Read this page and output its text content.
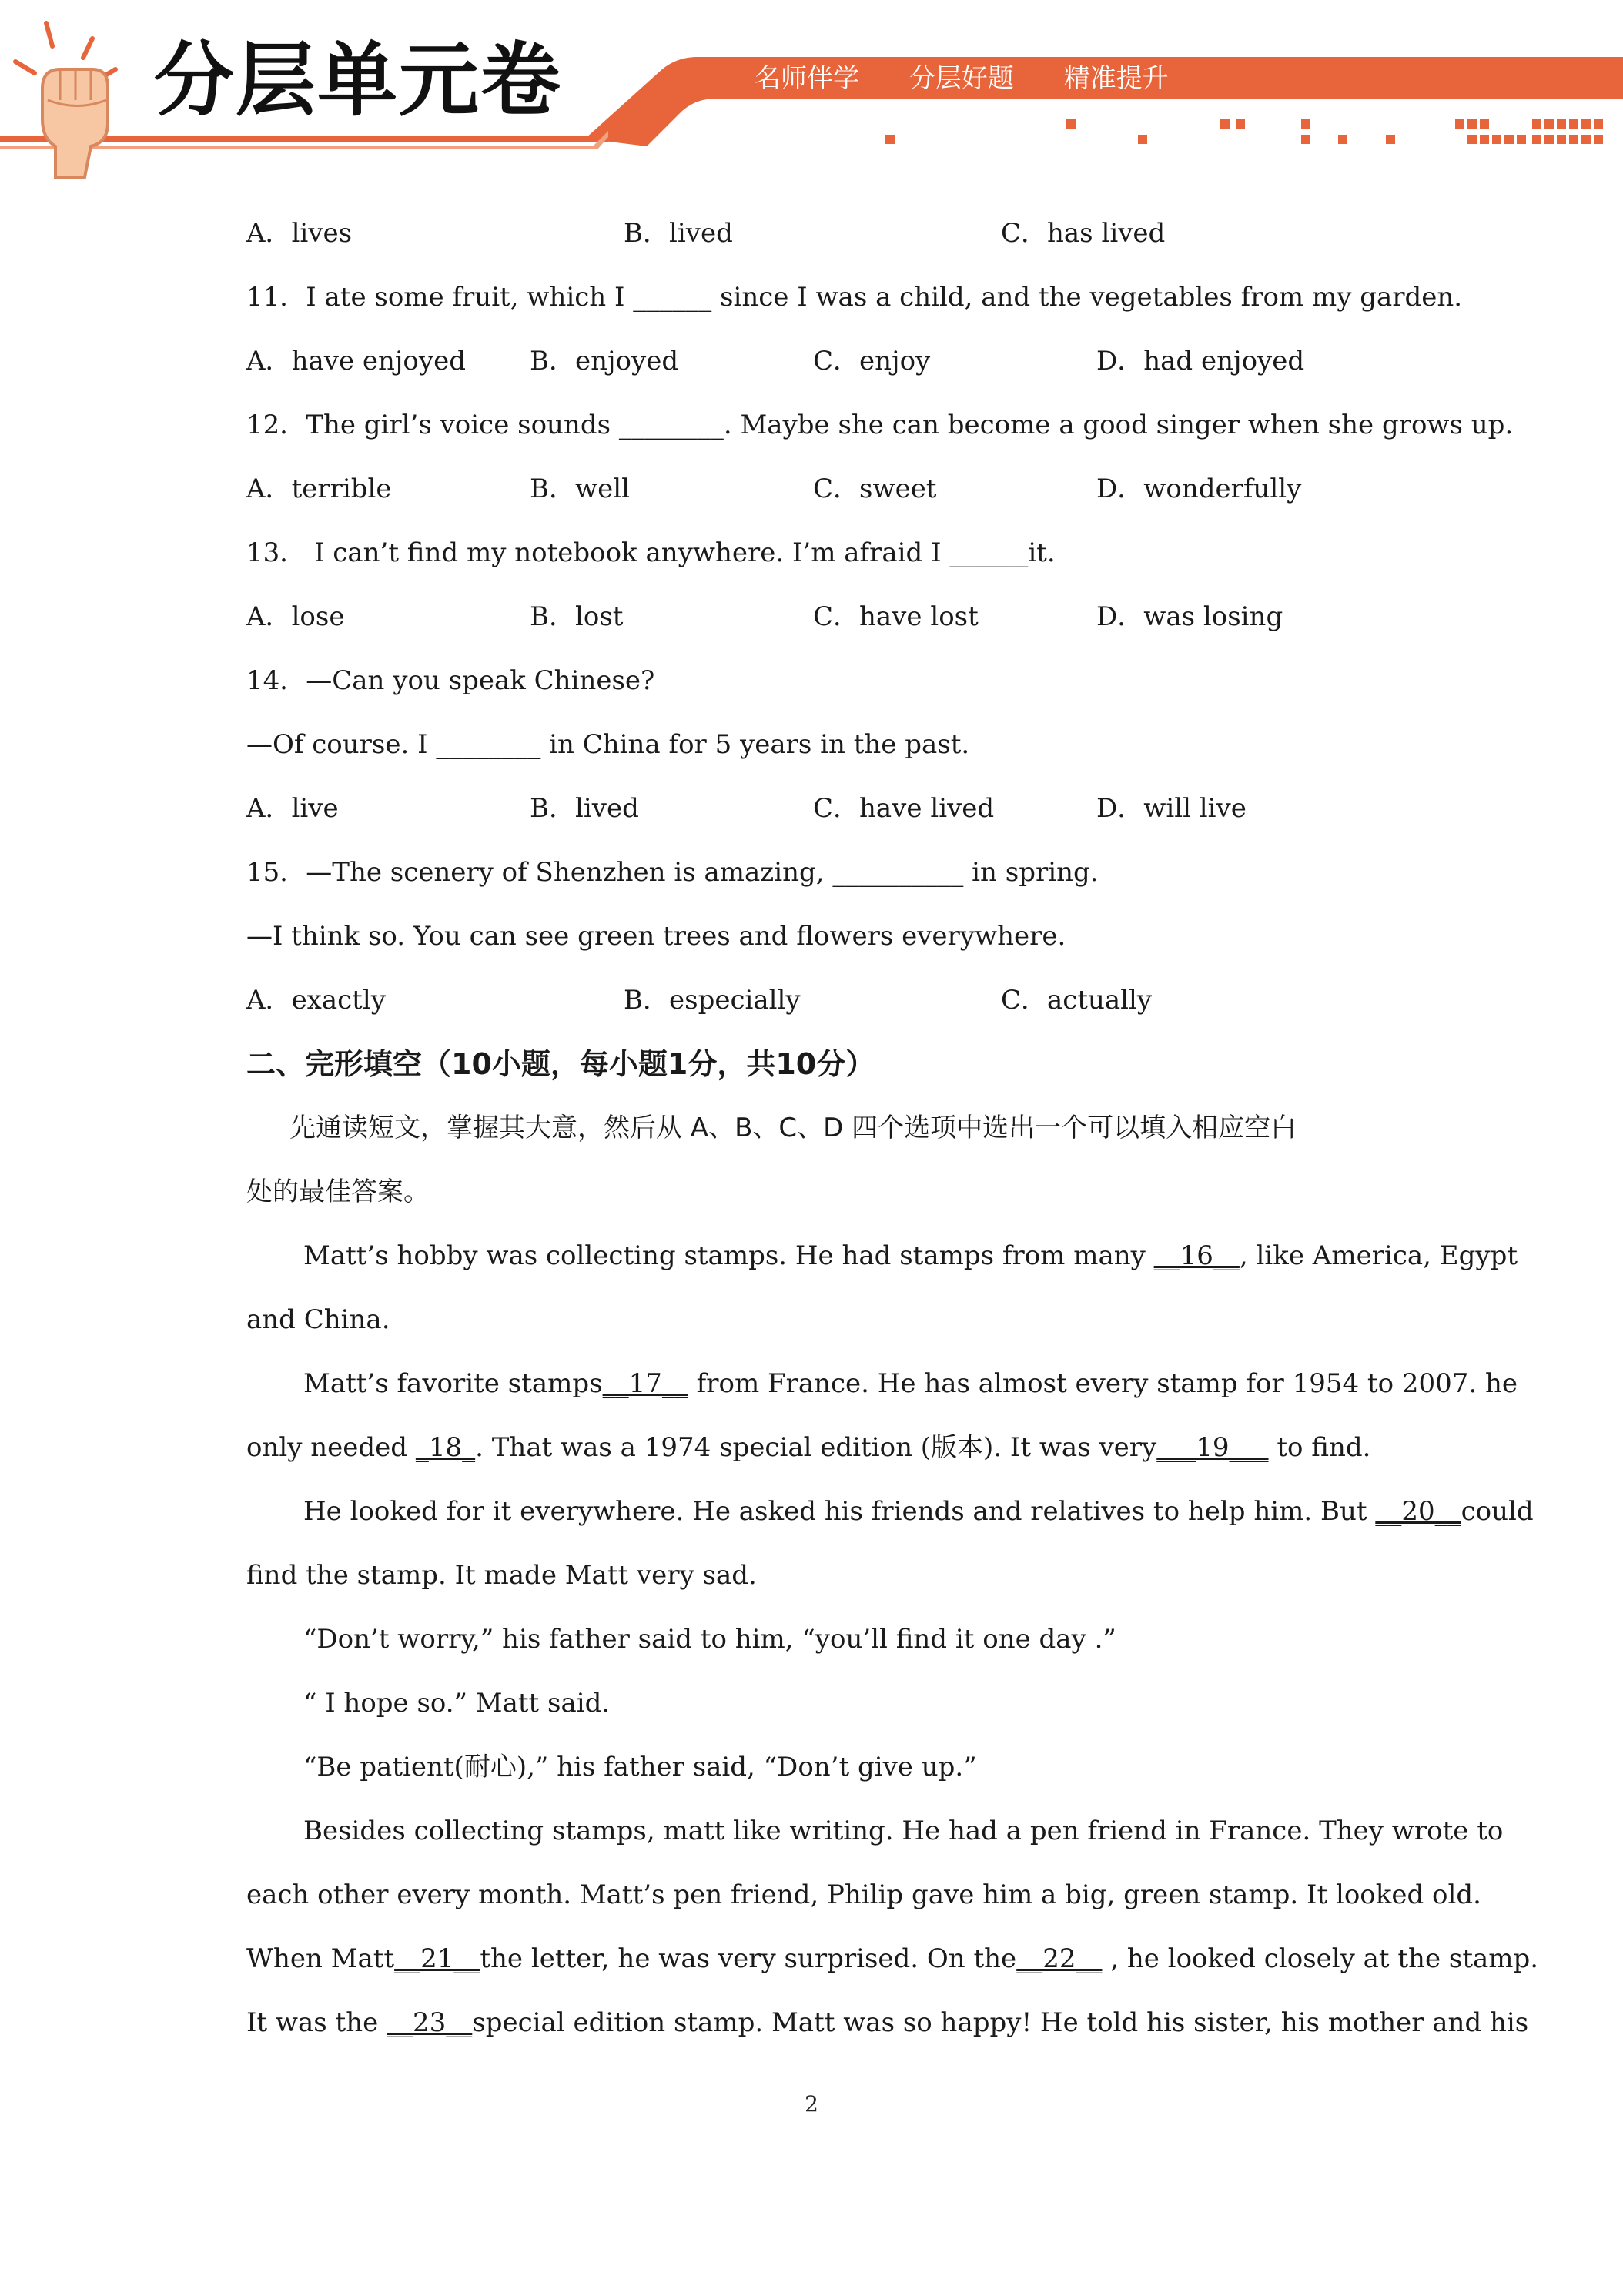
分层单元卷	名师伴学 分层好题 精准提升
A．lives	B．lived	C．has lived
11．I ate some fruit, which I ______ since I was a child, and the vegetables from my garden.
A．have enjoyed	B．enjoyed	C．enjoy	D．had enjoyed
12．The girl’s voice sounds ________. Maybe she can become a good singer when she grows up.
A．terrible	B．well	C．sweet	D．wonderfully
13． I can’t find my notebook anywhere. I’m afraid I ______it.
A．lose	B．lost	C．have lost	D．was losing
14．—Can you speak Chinese?
—Of course. I ________ in China for 5 years in the past.
A．live	B．lived	C．have lived	D．will live
15．—The scenery of Shenzhen is amazing, __________ in spring.
—I think so. You can see green trees and flowers everywhere.
A．exactly	B．especially	C．actually
二、完形填空（10小题，每小题1分，共10分）
先通读短文，掌握其大意，然后从 A、B、C、D 四个选项中选出一个可以填入相应空白
处的最佳答案。
Matt’s hobby was collecting stamps. He had stamps from many __16__, like America, Egypt
and China.
Matt’s favorite stamps__17__ from France. He has almost every stamp for 1954 to 2007. he
only needed _18_. That was a 1974 special edition (版本). It was very___19___ to find.
He looked for it everywhere. He asked his friends and relatives to help him. But __20__could
find the stamp. It made Matt very sad.
“Don’t worry,” his father said to him, “you’ll find it one day .”
“ I hope so.” Matt said.
“Be patient(耐心),” his father said, “Don’t give up.”
Besides collecting stamps, matt like writing. He had a pen friend in France. They wrote to
each other every month. Matt’s pen friend, Philip gave him a big, green stamp. It looked old.
When Matt__21__the letter, he was very surprised. On the__22__ , he looked closely at the stamp.
It was the __23__special edition stamp. Matt was so happy! He told his sister, his mother and his
2
